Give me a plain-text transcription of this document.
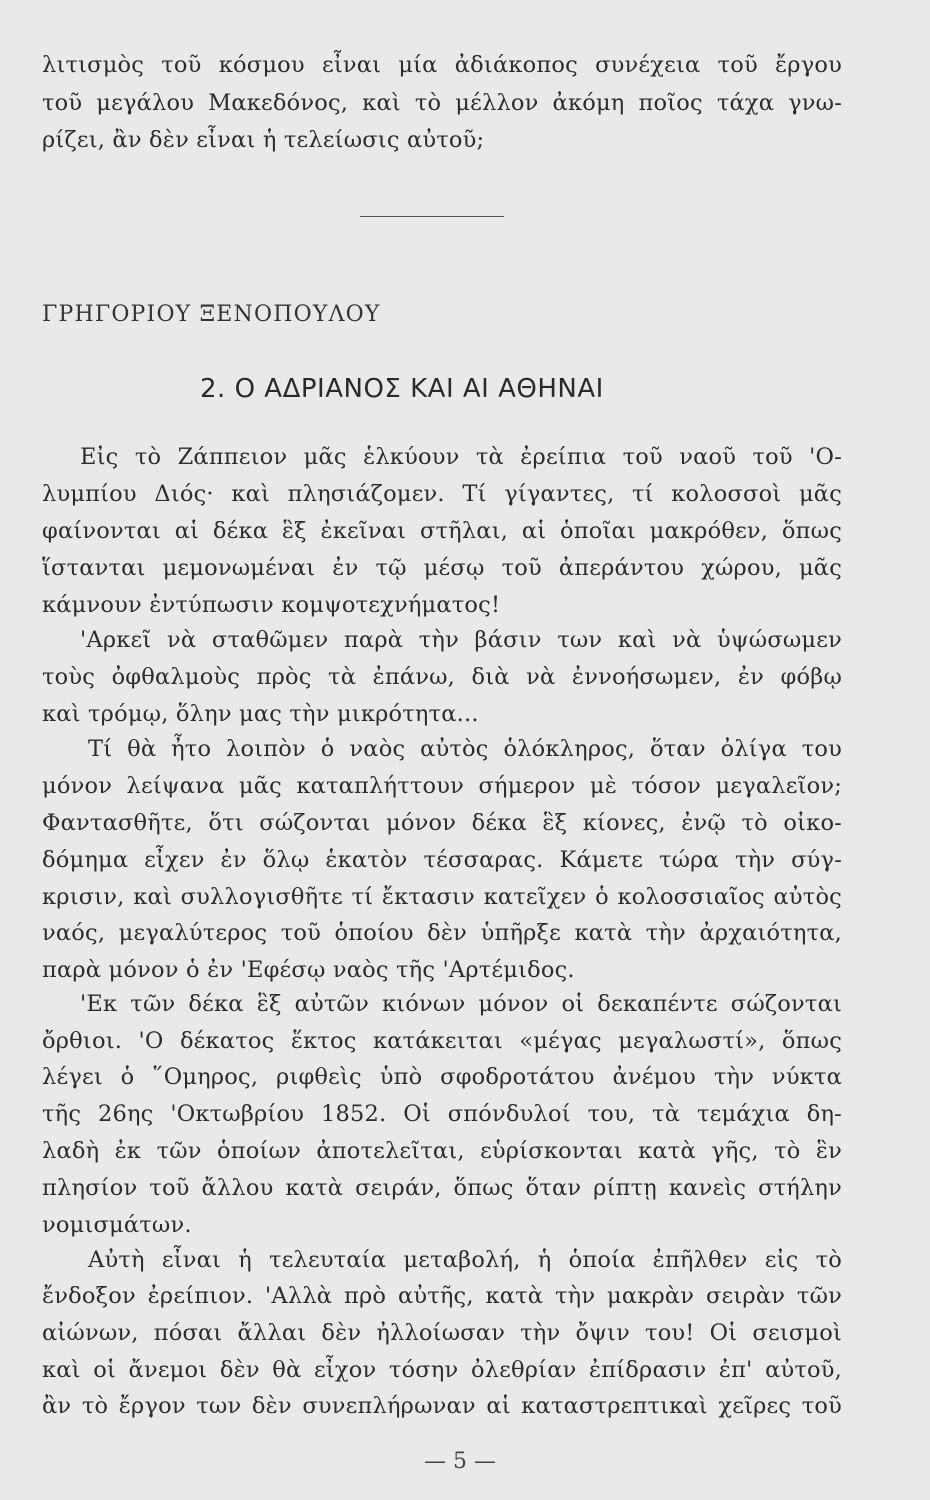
λιτισμὸς τοῦ κόσμου εἶναι μία ἀδιάκοπος συνέχεια τοῦ ἔργου
τοῦ μεγάλου Μακεδόνος, καὶ τὸ μέλλον ἀκόμη ποῖος τάχα γνω-
ρίζει, ἂν δὲν εἶναι ἡ τελείωσις αὐτοῦ;
ΓΡΗΓΟΡΙΟΥ ΞΕΝΟΠΟΥΛΟΥ
2. Ο ΑΔΡΙΑΝΟΣ ΚΑΙ ΑΙ ΑΘΗΝΑΙ
Εἰς τὸ Ζάππειον μᾶς ἑλκύουν τὰ ἐρείπια τοῦ ναοῦ τοῦ 'Ο-
λυμπίου Διός· καὶ πλησιάζομεν. Τί γίγαντες, τί κολοσσοὶ μᾶς
φαίνονται αἱ δέκα ἓξ ἐκεῖναι στῆλαι, αἱ ὁποῖαι μακρόθεν, ὅπως
ἵστανται μεμονωμέναι ἐν τῷ μέσῳ τοῦ ἀπεράντου χώρου, μᾶς
κάμνουν ἐντύπωσιν κομψοτεχνήματος!
'Αρκεῖ νὰ σταθῶμεν παρὰ τὴν βάσιν των καὶ νὰ ὑψώσωμεν
τοὺς ὀφθαλμοὺς πρὸς τὰ ἐπάνω, διὰ νὰ ἐννοήσωμεν, ἐν φόβῳ
καὶ τρόμῳ, ὅλην μας τὴν μικρότητα...
Τί θὰ ἦτο λοιπὸν ὁ ναὸς αὐτὸς ὁλόκληρος, ὅταν ὀλίγα του
μόνον λείψανα μᾶς καταπλήττουν σήμερον μὲ τόσον μεγαλεῖον;
Φαντασθῆτε, ὅτι σώζονται μόνον δέκα ἓξ κίονες, ἐνῷ τὸ οἰκο-
δόμημα εἶχεν ἐν ὅλῳ ἑκατὸν τέσσαρας. Κάμετε τώρα τὴν σύγ-
κρισιν, καὶ συλλογισθῆτε τί ἔκτασιν κατεῖχεν ὁ κολοσσιαῖος αὐτὸς
ναός, μεγαλύτερος τοῦ ὁποίου δὲν ὑπῆρξε κατὰ τὴν ἀρχαιότητα,
παρὰ μόνον ὁ ἐν 'Εφέσῳ ναὸς τῆς 'Αρτέμιδος.
'Εκ τῶν δέκα ἓξ αὐτῶν κιόνων μόνον οἱ δεκαπέντε σώζονται
ὄρθιοι. 'Ο δέκατος ἕκτος κατάκειται «μέγας μεγαλωστί», ὅπως
λέγει ὁ ῞Ομηρος, ριφθεὶς ὑπὸ σφοδροτάτου ἀνέμου τὴν νύκτα
τῆς 26ης 'Οκτωβρίου 1852. Οἱ σπόνδυλοί του, τὰ τεμάχια δη-
λαδὴ ἐκ τῶν ὁποίων ἀποτελεῖται, εὑρίσκονται κατὰ γῆς, τὸ ἓν
πλησίον τοῦ ἄλλου κατὰ σειράν, ὅπως ὅταν ρίπτῃ κανεὶς στήλην
νομισμάτων.
Αὐτὴ εἶναι ἡ τελευταία μεταβολή, ἡ ὁποία ἐπῆλθεν εἰς τὸ
ἔνδοξον ἐρείπιον. 'Αλλὰ πρὸ αὐτῆς, κατὰ τὴν μακρὰν σειρὰν τῶν
αἰώνων, πόσαι ἄλλαι δὲν ἠλλοίωσαν τὴν ὄψιν του! Οἱ σεισμοὶ
καὶ οἱ ἄνεμοι δὲν θὰ εἶχον τόσην ὀλεθρίαν ἐπίδρασιν ἐπ' αὐτοῦ,
ἂν τὸ ἔργον των δὲν συνεπλήρωναν αἱ καταστρεπτικαὶ χεῖρες τοῦ
— 5 —
